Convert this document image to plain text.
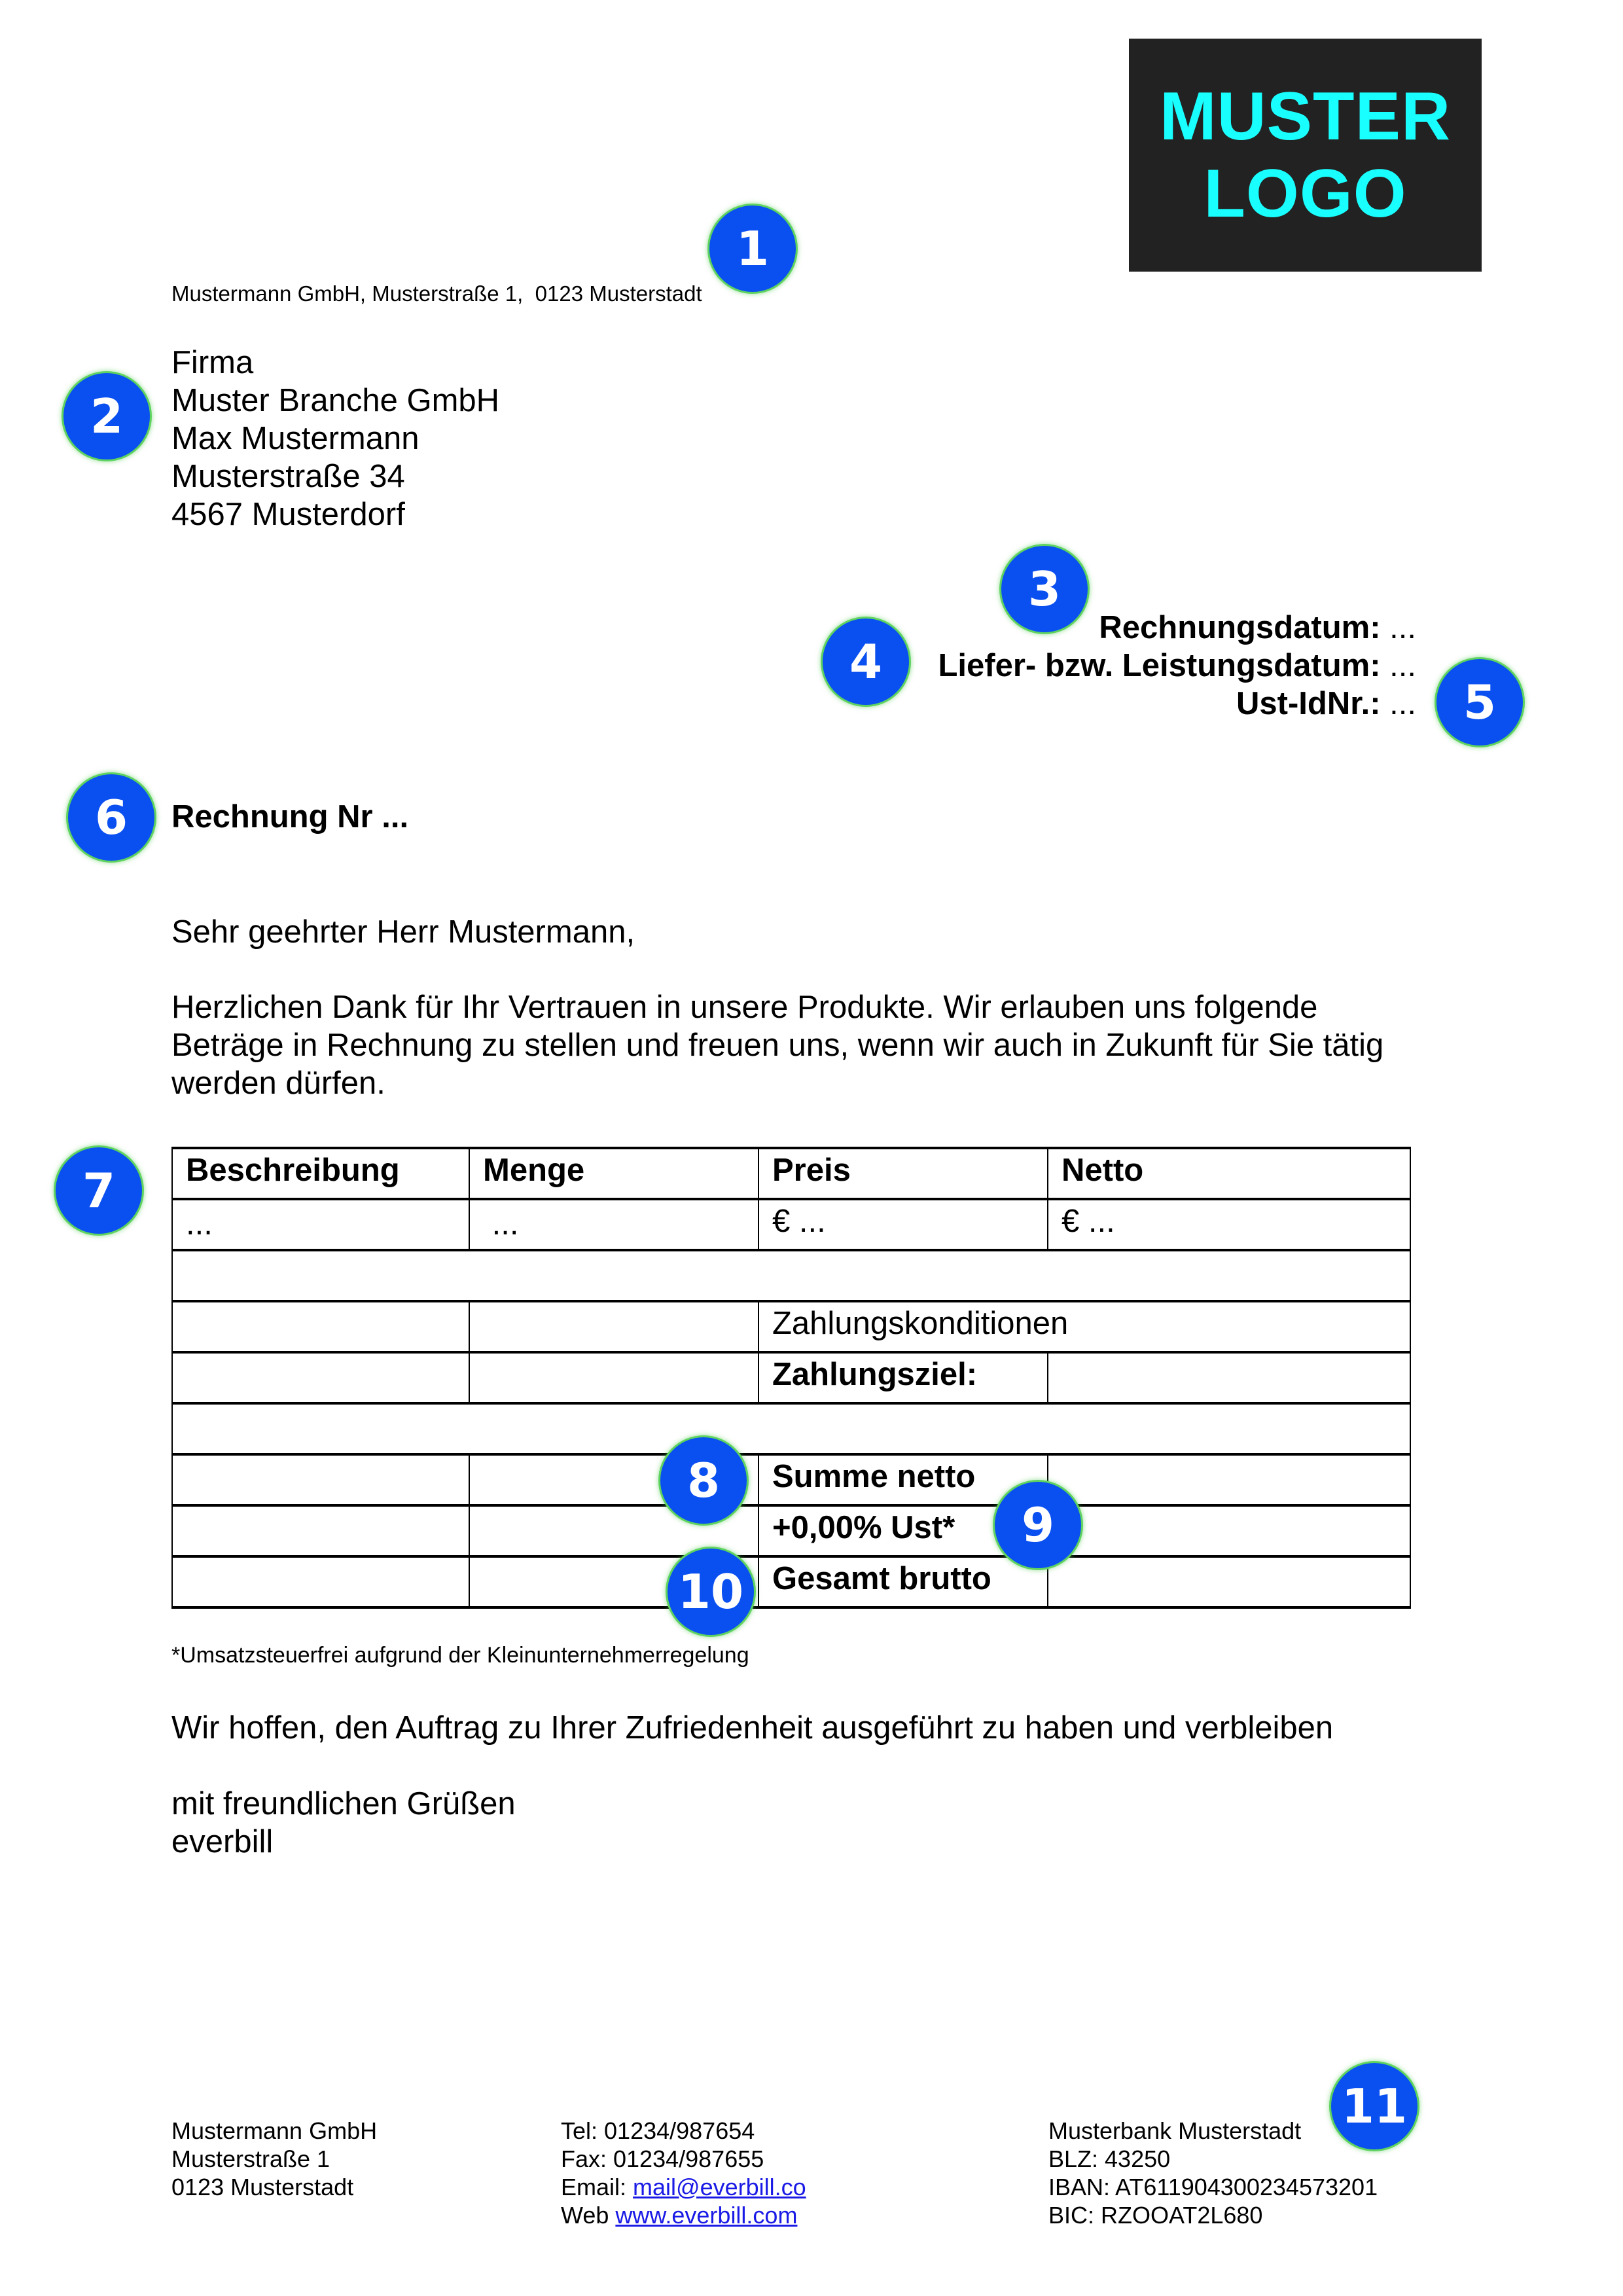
MUSTER
LOGO
Mustermann GmbH, Musterstraße 1,  0123 Musterstadt
Firma
Muster Branche GmbH
Max Mustermann
Musterstraße 34
4567 Musterdorf
Rechnungsdatum: ...
Liefer- bzw. Leistungsdatum: ...
Ust-IdNr.: ...
Rechnung Nr ...
Sehr geehrter Herr Mustermann,
Herzlichen Dank für Ihr Vertrauen in unsere Produkte. Wir erlauben uns folgende Beträge in Rechnung zu stellen und freuen uns, wenn wir auch in Zukunft für Sie tätig werden dürfen.
Beschreibung	Menge	Preis	Netto
...	...	€ ...	€ ...

		Zahlungskonditionen	
		Zahlungsziel:	

		Summe netto	
		+0,00% Ust*	
		Gesamt brutto	
*Umsatzsteuerfrei aufgrund der Kleinunternehmerregelung
Wir hoffen, den Auftrag zu Ihrer Zufriedenheit ausgeführt zu haben und verbleiben
mit freundlichen Grüßen
everbill
Mustermann GmbH
Musterstraße 1
0123 Musterstadt
Tel: 01234/987654
Fax: 01234/987655
Email: mail@everbill.co
Web www.everbill.com
Musterbank Musterstadt
BLZ: 43250
IBAN: AT611904300234573201
BIC: RZOOAT2L680
1
2
3
4
5
6
7
8
9
10
11
